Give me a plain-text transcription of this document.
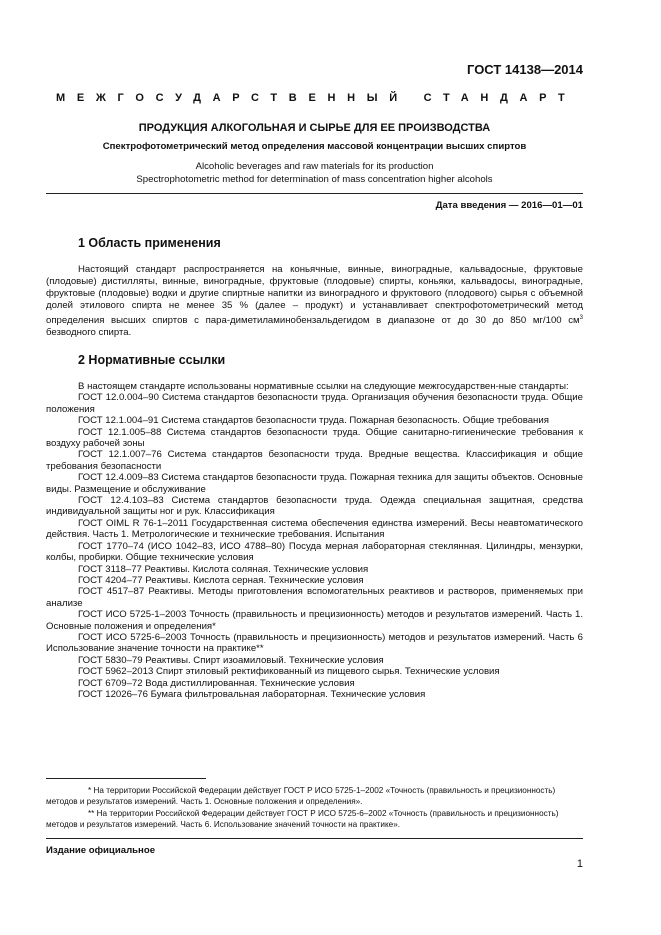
ГОСТ 14138—2014
МЕЖГОСУДАРСТВЕННЫЙ СТАНДАРТ
ПРОДУКЦИЯ АЛКОГОЛЬНАЯ И СЫРЬЕ ДЛЯ ЕЕ ПРОИЗВОДСТВА
Спектрофотометрический метод определения массовой концентрации высших спиртов
Alcoholic beverages and raw materials for its production
Spectrophotometric method for determination of mass concentration higher alcohols
Дата введения — 2016—01—01
1 Область применения
Настоящий стандарт распространяется на коньячные, винные, виноградные, кальвадосные, фруктовые (плодовые) дистилляты, винные, виноградные, фруктовые (плодовые) спирты, коньяки, кальвадосы, виноградные, фруктовые (плодовые) водки и другие спиртные напитки из виноградного и фруктового (плодового) сырья с объемной долей этилового спирта не менее 35 % (далее – продукт) и устанавливает спектрофотометрический метод определения высших спиртов с пара-диметиламинобензальдегидом в диапазоне от до 30 до 850 мг/100 $см^3$ безводного спирта.
2 Нормативные ссылки
В настоящем стандарте использованы нормативные ссылки на следующие межгосударствен-ные стандарты:
ГОСТ 12.0.004–90 Система стандартов безопасности труда. Организация обучения безопасности труда. Общие положения
ГОСТ 12.1.004–91 Система стандартов безопасности труда. Пожарная безопасность. Общие требования
ГОСТ 12.1.005–88 Система стандартов безопасности труда. Общие санитарно-гигиенические требования к воздуху рабочей зоны
ГОСТ 12.1.007–76 Система стандартов безопасности труда. Вредные вещества. Классификация и общие требования безопасности
ГОСТ 12.4.009–83 Система стандартов безопасности труда. Пожарная техника для защиты объектов. Основные виды. Размещение и обслуживание
ГОСТ 12.4.103–83 Система стандартов безопасности труда. Одежда специальная защитная, средства индивидуальной защиты ног и рук. Классификация
ГОСТ OIML R 76-1–2011 Государственная система обеспечения единства измерений. Весы неавтоматического действия. Часть 1. Метрологические и технические требования. Испытания
ГОСТ 1770–74 (ИСО 1042–83, ИСО 4788–80) Посуда мерная лабораторная стеклянная. Цилиндры, мензурки, колбы, пробирки. Общие технические условия
ГОСТ 3118–77 Реактивы. Кислота соляная. Технические условия
ГОСТ 4204–77 Реактивы. Кислота серная. Технические условия
ГОСТ 4517–87 Реактивы. Методы приготовления вспомогательных реактивов и растворов, применяемых при анализе
ГОСТ ИСО 5725-1–2003 Точность (правильность и прецизионность) методов и результатов измерений. Часть 1. Основные положения и определения*
ГОСТ ИСО 5725-6–2003 Точность (правильность и прецизионность) методов и результатов измерений. Часть 6 Использование значение точности на практике**
ГОСТ 5830–79 Реактивы. Спирт изоамиловый. Технические условия
ГОСТ 5962–2013 Спирт этиловый ректификованный из пищевого сырья. Технические условия
ГОСТ 6709–72 Вода дистиллированная. Технические условия
ГОСТ 12026–76 Бумага фильтровальная лабораторная. Технические условия
* На территории Российской Федерации действует ГОСТ Р ИСО 5725-1–2002 «Точность (правильность и прецизионность) методов и результатов измерений. Часть 1. Основные положения и определения».
** На территории Российской Федерации действует ГОСТ Р ИСО 5725-6–2002 «Точность (правильность и прецизионность) методов и результатов измерений. Часть 6. Использование значений точности на практике».
Издание официальное
1
